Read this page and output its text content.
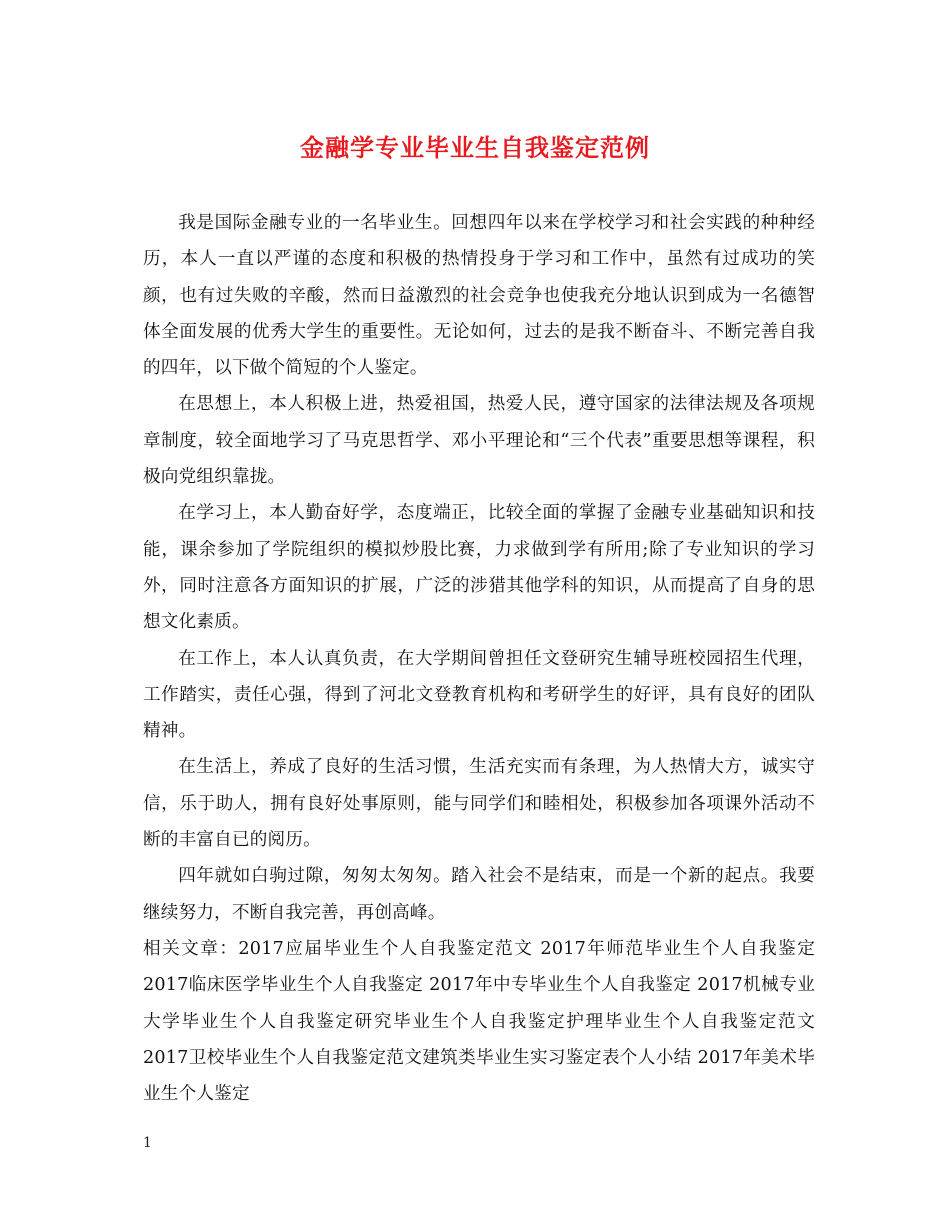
金融学专业毕业生自我鉴定范例

我是国际金融专业的一名毕业生。回想四年以来在学校学习和社会实践的种种经历，本人一直以严谨的态度和积极的热情投身于学习和工作中，虽然有过成功的笑颜，也有过失败的辛酸，然而日益激烈的社会竞争也使我充分地认识到成为一名德智体全面发展的优秀大学生的重要性。无论如何，过去的是我不断奋斗、不断完善自我的四年，以下做个简短的个人鉴定。

在思想上，本人积极上进，热爱祖国，热爱人民，遵守国家的法律法规及各项规章制度，较全面地学习了马克思哲学、邓小平理论和“三个代表”重要思想等课程，积极向党组织靠拢。

在学习上，本人勤奋好学，态度端正，比较全面的掌握了金融专业基础知识和技能，课余参加了学院组织的模拟炒股比赛，力求做到学有所用;除了专业知识的学习外，同时注意各方面知识的扩展，广泛的涉猎其他学科的知识，从而提高了自身的思想文化素质。

在工作上，本人认真负责，在大学期间曾担任文登研究生辅导班校园招生代理，工作踏实，责任心强，得到了河北文登教育机构和考研学生的好评，具有良好的团队精神。

在生活上，养成了良好的生活习惯，生活充实而有条理，为人热情大方，诚实守信，乐于助人，拥有良好处事原则，能与同学们和睦相处，积极参加各项课外活动不断的丰富自已的阅历。

四年就如白驹过隙，匆匆太匆匆。踏入社会不是结束，而是一个新的起点。我要继续努力，不断自我完善，再创高峰。

相关文章：2017应届毕业生个人自我鉴定范文 2017年师范毕业生个人自我鉴定 2017临床医学毕业生个人自我鉴定 2017年中专毕业生个人自我鉴定 2017机械专业大学毕业生个人自我鉴定研究毕业生个人自我鉴定护理毕业生个人自我鉴定范文 2017卫校毕业生个人自我鉴定范文建筑类毕业生实习鉴定表个人小结 2017年美术毕业生个人鉴定

1
